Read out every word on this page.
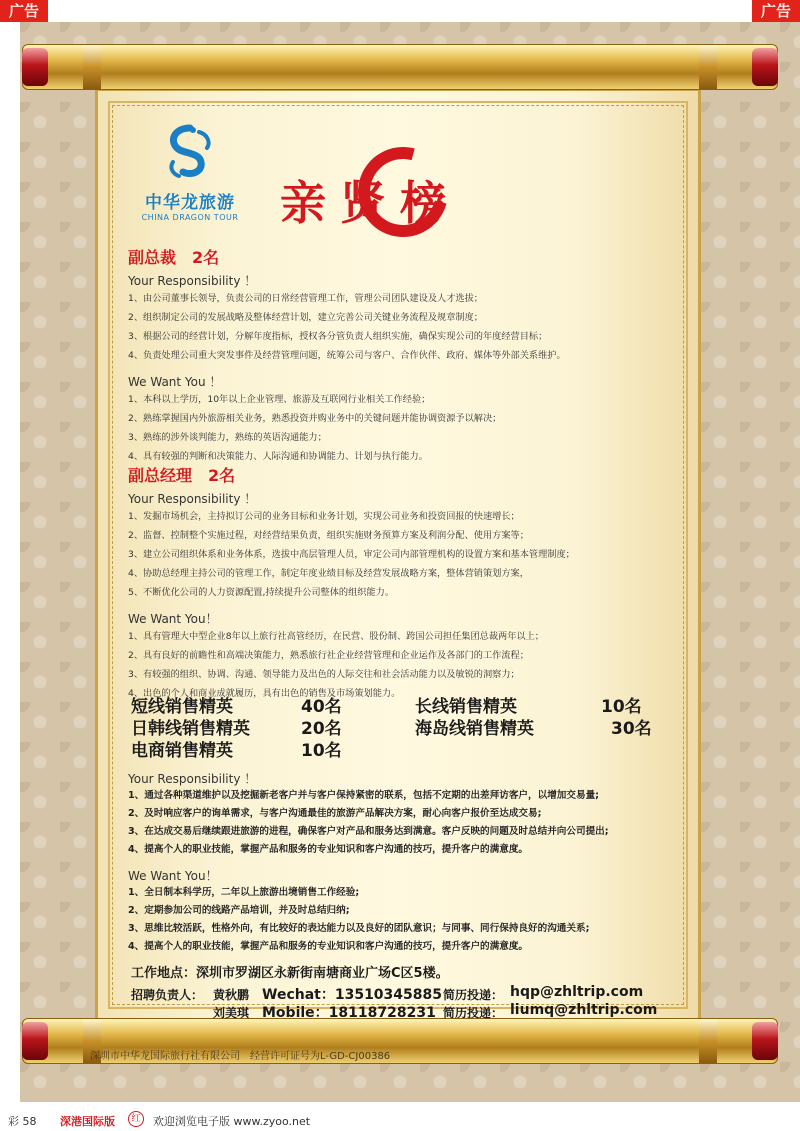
广告	广告
中华龙旅游
CHINA DRAGON TOUR 亲贤榜
副总裁　2名
Your Responsibility ！
1、由公司董事长领导，负责公司的日常经营管理工作，管理公司团队建设及人才选拔；
2、组织制定公司的发展战略及整体经营计划，建立完善公司关键业务流程及规章制度；
3、根据公司的经营计划，分解年度指标，授权各分管负责人组织实施，确保实现公司的年度经营目标；
4、负责处理公司重大突发事件及经营管理问题，统筹公司与客户、合作伙伴、政府、媒体等外部关系维护。
We Want You ！
1、本科以上学历，10年以上企业管理、旅游及互联网行业相关工作经验；
2、熟练掌握国内外旅游相关业务，熟悉投资并购业务中的关键问题并能协调资源予以解决；
3、熟练的涉外谈判能力，熟练的英语沟通能力；
4、具有较强的判断和决策能力、人际沟通和协调能力、计划与执行能力。
副总经理　2名
Your Responsibility ！
1、发掘市场机会，主持拟订公司的业务目标和业务计划，实现公司业务和投资回报的快速增长；
2、监督、控制整个实施过程，对经营结果负责，组织实施财务预算方案及利润分配、使用方案等；
3、建立公司组织体系和业务体系，选拔中高层管理人员，审定公司内部管理机构的设置方案和基本管理制度；
4、协助总经理主持公司的管理工作，制定年度业绩目标及经营发展战略方案，整体营销策划方案，
5、不断优化公司的人力资源配置,持续提升公司整体的组织能力。
We Want You！
1、具有管理大中型企业8年以上旅行社高管经历，在民营、股份制、跨国公司担任集团总裁两年以上；
2、具有良好的前瞻性和高端决策能力，熟悉旅行社企业经营管理和企业运作及各部门的工作流程；
3、有较强的组织、协调、沟通、领导能力及出色的人际交往和社会活动能力以及敏锐的洞察力；
4、出色的个人和商业成就履历，具有出色的销售及市场策划能力。
短线销售精英	40名	长线销售精英	10名
日韩线销售精英	20名	海岛线销售精英	30名
电商销售精英	10名
Your Responsibility ！
1、通过各种渠道维护以及挖掘新老客户并与客户保持紧密的联系，包括不定期的出差拜访客户，以增加交易量;
2、及时响应客户的询单需求，与客户沟通最佳的旅游产品解决方案，耐心向客户报价至达成交易;
3、在达成交易后继续跟进旅游的进程，确保客户对产品和服务达到满意。客户反映的问题及时总结并向公司提出;
4、提高个人的职业技能，掌握产品和服务的专业知识和客户沟通的技巧，提升客户的满意度。
We Want You！
1、全日制本科学历，二年以上旅游出境销售工作经验;
2、定期参加公司的线路产品培训，并及时总结归纳;
3、思维比较活跃，性格外向，有比较好的表达能力以及良好的团队意识；与同事、同行保持良好的沟通关系;
4、提高个人的职业技能，掌握产品和服务的专业知识和客户沟通的技巧，提升客户的满意度。
工作地点：深圳市罗湖区永新街南塘商业广场C区5楼。
招聘负责人： 黄秋鹏 Wechat：13510345885 简历投递： hqp@zhltrip.com
刘美琪 Mobile：18118728231 简历投递： liumq@zhltrip.com
深圳市中华龙国际旅行社有限公司　经营许可证号为L-GD-CJ00386
彩 58 深港国际版	欢迎浏览电子版 www.zyoo.net
红
